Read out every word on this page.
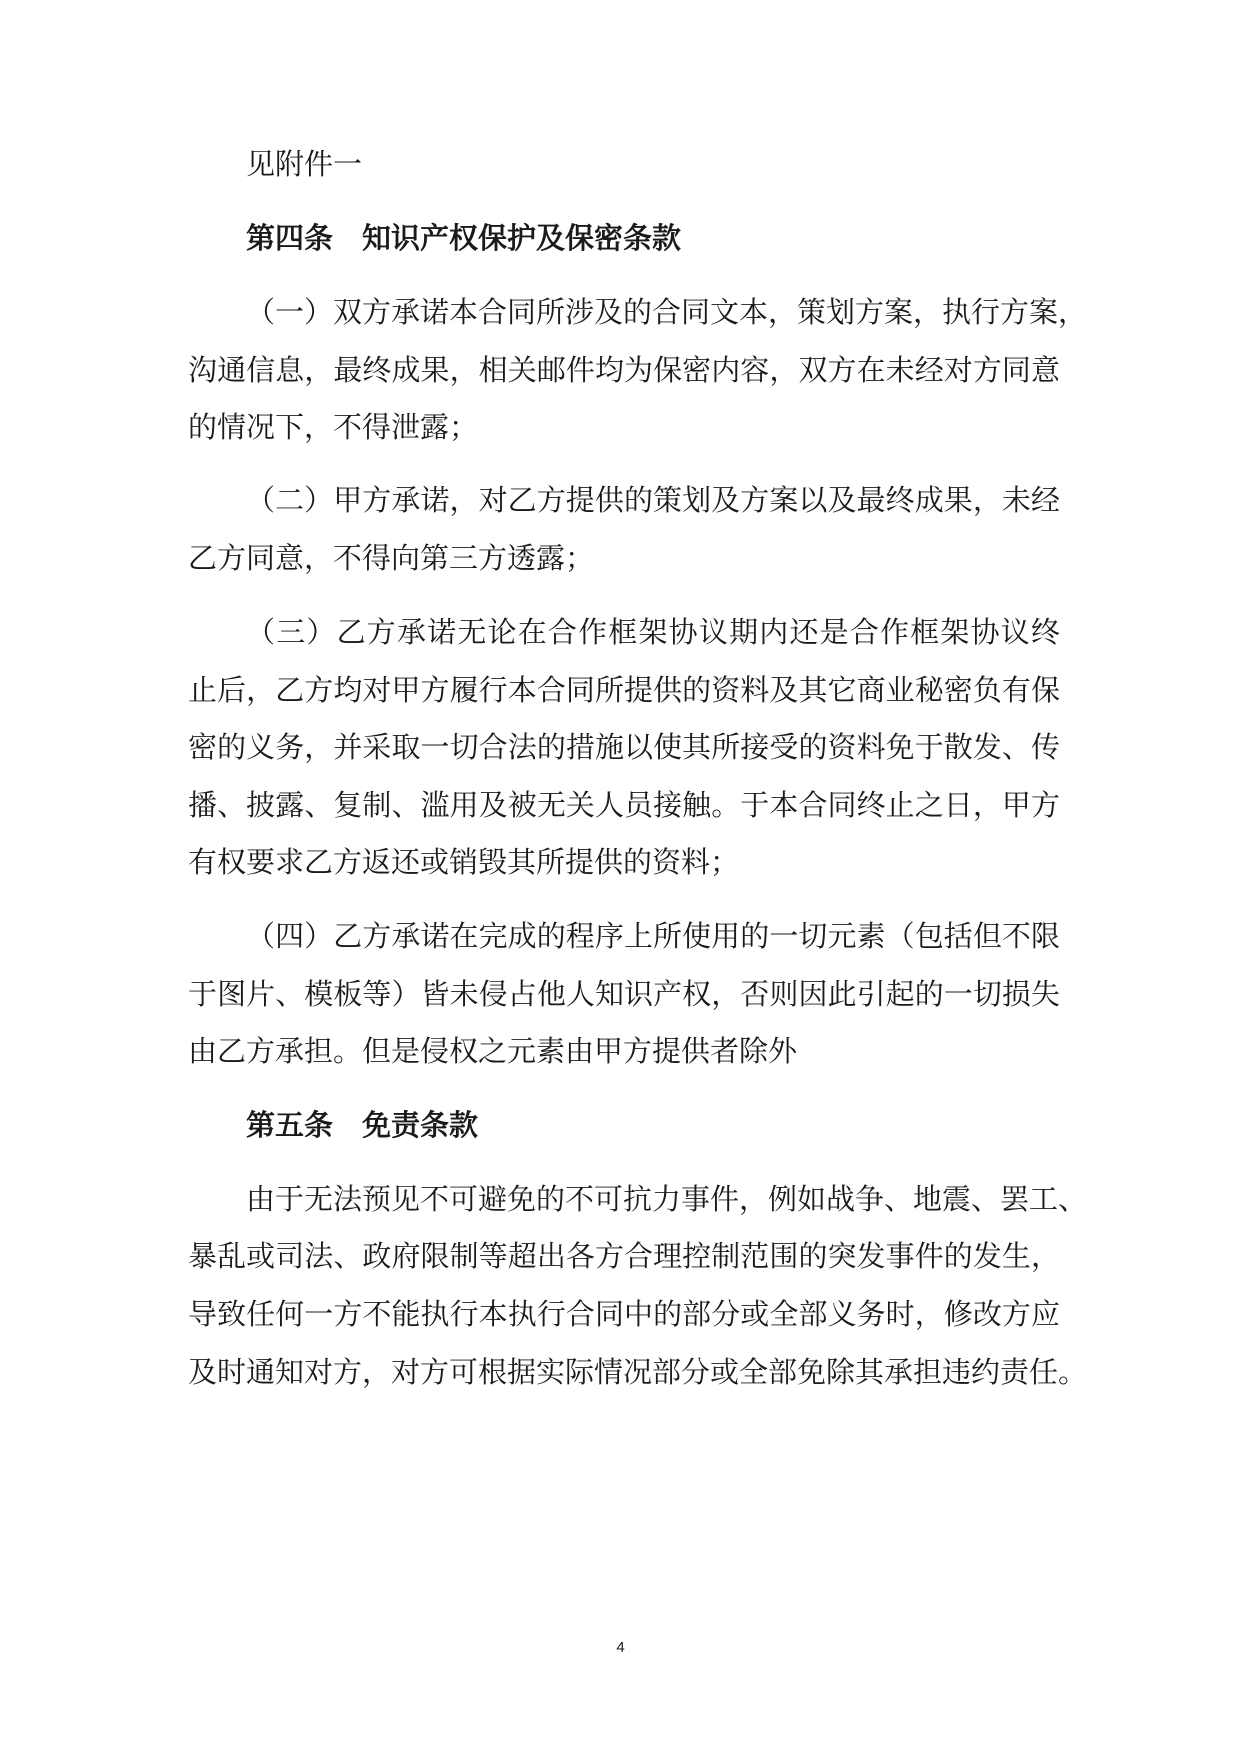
见附件一
第四条　知识产权保护及保密条款
（一）双方承诺本合同所涉及的合同文本，策划方案，执行方案，
沟通信息，最终成果，相关邮件均为保密内容，双方在未经对方同意
的情况下，不得泄露；
（二）甲方承诺，对乙方提供的策划及方案以及最终成果，未经
乙方同意，不得向第三方透露；
（三）乙方承诺无论在合作框架协议期内还是合作框架协议终
止后，乙方均对甲方履行本合同所提供的资料及其它商业秘密负有保
密的义务，并采取一切合法的措施以使其所接受的资料免于散发、传
播、披露、复制、滥用及被无关人员接触。于本合同终止之日，甲方
有权要求乙方返还或销毁其所提供的资料；
（四）乙方承诺在完成的程序上所使用的一切元素（包括但不限
于图片、模板等）皆未侵占他人知识产权，否则因此引起的一切损失
由乙方承担。但是侵权之元素由甲方提供者除外
第五条　免责条款
由于无法预见不可避免的不可抗力事件，例如战争、地震、罢工、
暴乱或司法、政府限制等超出各方合理控制范围的突发事件的发生，
导致任何一方不能执行本执行合同中的部分或全部义务时，修改方应
及时通知对方，对方可根据实际情况部分或全部免除其承担违约责任。
4
